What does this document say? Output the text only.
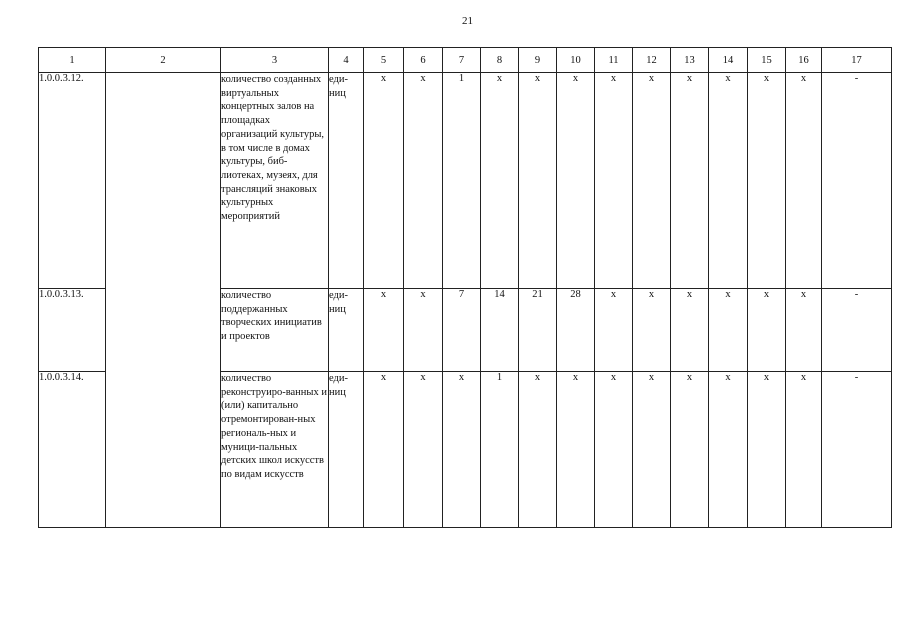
21
1	2	3	4	5	6	7	8	9	10	11	12	13	14	15	16	17
1.0.0.3.12.		количество созданных виртуальных концертных залов на площадках организаций культуры, в том числе в домах культуры, биб-лиотеках, музеях, для трансляций знаковых культурных мероприятий	еди-ниц	x	x	1	x	x	x	x	x	x	x	x	x	-
1.0.0.3.13.		количество поддержанных творческих инициатив и проектов	еди-ниц	x	x	7	14	21	28	x	x	x	x	x	x	-
1.0.0.3.14.		количество реконструиро-ванных и (или) капитально отремонтирован-ных региональ-ных и муници-пальных детских школ искусств по видам искусств	еди-ниц	x	x	x	1	x	x	x	x	x	x	x	x	-
